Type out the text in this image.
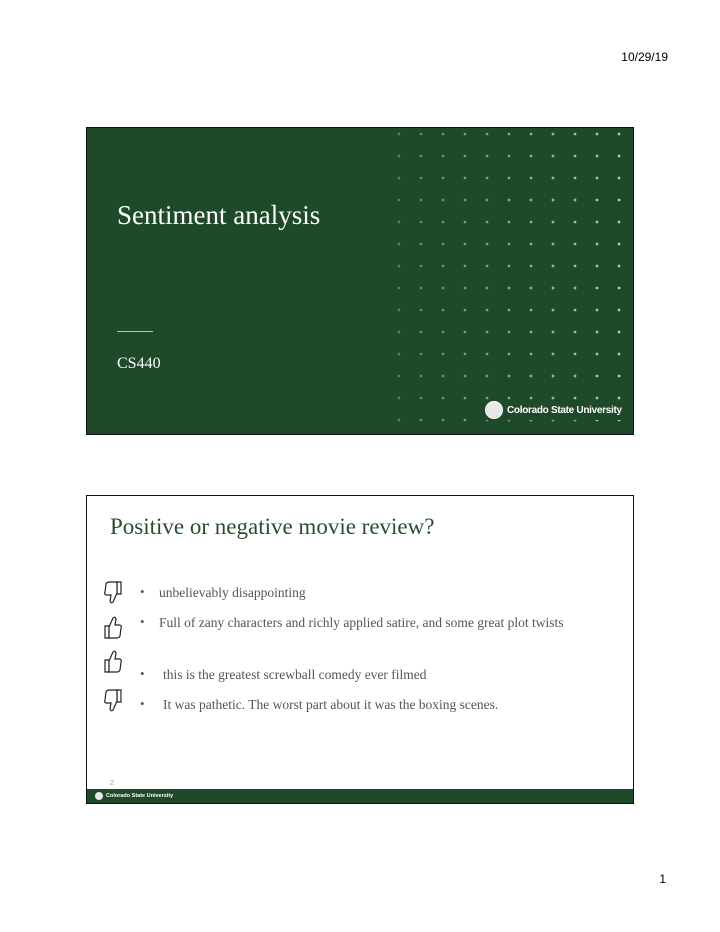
10/29/19
Sentiment analysis
CS440
Colorado State University
Positive or negative movie review?
• unbelievably disappointing
• Full of zany characters and richly applied satire, and some great plot twists
• this is the greatest screwball comedy ever filmed
• It was pathetic. The worst part about it was the boxing scenes.
2
Colorado State University
1
